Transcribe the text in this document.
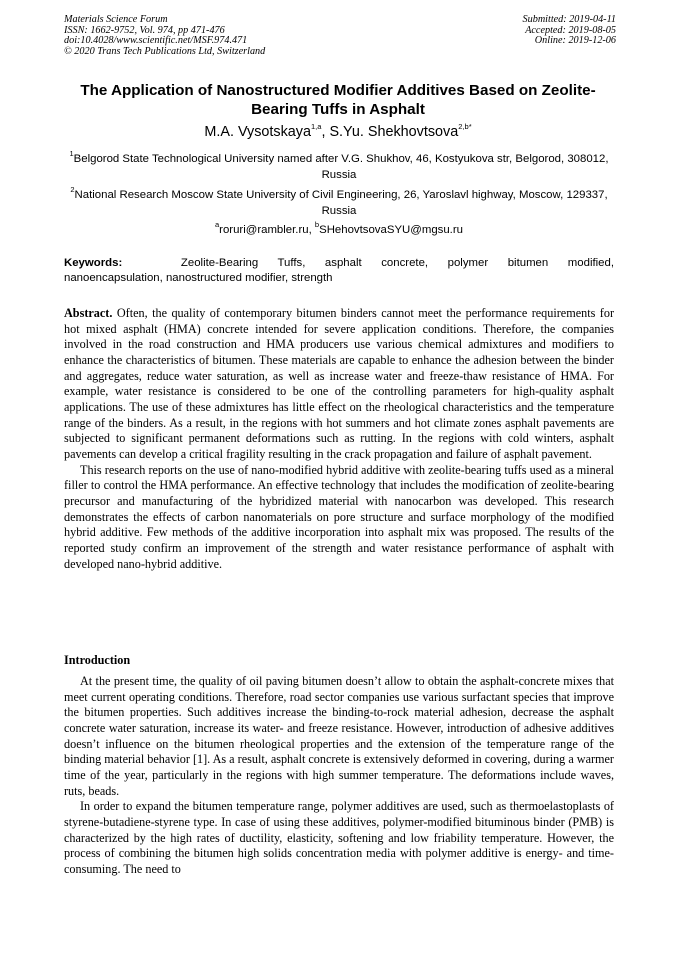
Materials Science Forum
ISSN: 1662-9752, Vol. 974, pp 471-476
doi:10.4028/www.scientific.net/MSF.974.471
© 2020 Trans Tech Publications Ltd, Switzerland
Submitted: 2019-04-11
Accepted: 2019-08-05
Online: 2019-12-06
The Application of Nanostructured Modifier Additives Based on Zeolite-Bearing Tuffs in Asphalt
M.A. Vysotskaya$^{1,a}$, S.Yu. Shekhovtsova$^{2,b*}$
$^1$Belgorod State Technological University named after V.G. Shukhov, 46, Kostyukova str, Belgorod, 308012, Russia
$^2$National Research Moscow State University of Civil Engineering, 26, Yaroslavl highway, Moscow, 129337, Russia
$^a$roruri@rambler.ru, $^b$SHehovtsovaSYU@mgsu.ru
Keywords:	Zeolite-Bearing Tuffs, asphalt concrete, polymer bitumen modified,
nanoencapsulation, nanostructured modifier, strength

Abstract. Often, the quality of contemporary bitumen binders cannot meet the performance requirements for hot mixed asphalt (HMA) concrete intended for severe application conditions. Therefore, the companies involved in the road construction and HMA producers use various chemical admixtures and modifiers to enhance the characteristics of bitumen. These materials are capable to enhance the adhesion between the binder and aggregates, reduce water saturation, as well as increase water and freeze-thaw resistance of HMA. For example, water resistance is considered to be one of the controlling parameters for high-quality asphalt applications. The use of these admixtures has little effect on the rheological characteristics and the temperature range of the binders. As a result, in the regions with hot summers and hot climate zones asphalt pavements are subjected to significant permanent deformations such as rutting. In the regions with cold winters, asphalt pavements can develop a critical fragility resulting in the crack propagation and failure of asphalt pavement.

This research reports on the use of nano-modified hybrid additive with zeolite-bearing tuffs used as a mineral filler to control the HMA performance. An effective technology that includes the modification of zeolite-bearing precursor and manufacturing of the hybridized material with nanocarbon was developed. This research demonstrates the effects of carbon nanomaterials on pore structure and surface morphology of the modified hybrid additive. Few methods of the additive incorporation into asphalt mix was proposed. The results of the reported study confirm an improvement of the strength and water resistance performance of asphalt with developed nano-hybrid additive.

Introduction

At the present time, the quality of oil paving bitumen doesn’t allow to obtain the asphalt-concrete mixes that meet current operating conditions. Therefore, road sector companies use various surfactant species that improve the bitumen properties. Such additives increase the binding-to-rock material adhesion, decrease the asphalt concrete water saturation, increase its water- and freeze resistance. However, introduction of adhesive additives doesn’t influence on the bitumen rheological properties and the extension of the temperature range of the binding material behavior [1]. As a result, asphalt concrete is extensively deformed in covering, during a warmer time of the year, particularly in the regions with high summer temperature. The deformations include waves, ruts, beads.

In order to expand the bitumen temperature range, polymer additives are used, such as thermoelastoplasts of styrene-butadiene-styrene type. In case of using these additives, polymer-modified bituminous binder (PMB) is characterized by the high rates of ductility, elasticity, softening and low friability temperature. However, the process of combining the bitumen high solids concentration media with polymer additive is energy- and time-consuming. The need to
